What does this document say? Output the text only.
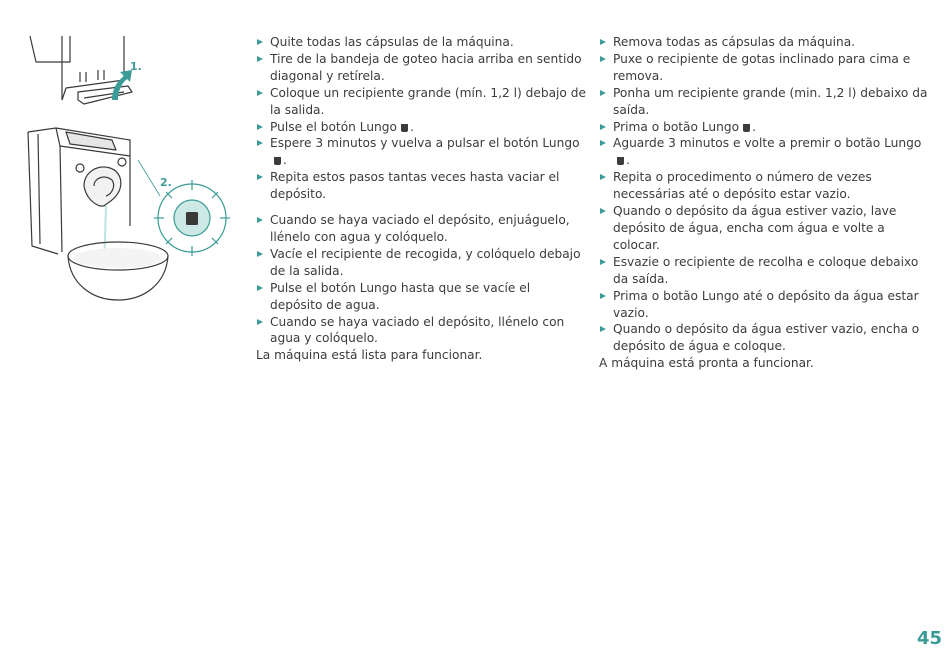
1.
2.
Quite todas las cápsulas de la máquina.
Tire de la bandeja de goteo hacia arriba en sentido diagonal y retírela.
Coloque un recipiente grande (mín. 1,2 l) debajo de la salida.
Pulse el botón Lungo .
Espere 3 minutos y vuelva a pulsar el botón Lungo.
Repita estos pasos tantas veces hasta vaciar el depósito.
Cuando se haya vaciado el depósito, enjuáguelo, llénelo con agua y colóquelo.
Vacíe el recipiente de recogida, y colóquelo debajo de la salida.
Pulse el botón Lungo hasta que se vacíe el depósito de agua.
Cuando se haya vaciado el depósito, llénelo con agua y colóquelo.
La máquina está lista para funcionar.
Remova todas as cápsulas da máquina.
Puxe o recipiente de gotas inclinado para cima e remova.
Ponha um recipiente grande (min. 1,2 l) debaixo da saída.
Prima o botão Lungo .
Aguarde 3 minutos e volte a premir o botão Lungo.
Repita o procedimento o número de vezes necessárias até o depósito estar vazio.
Quando o depósito da água estiver vazio, lave depósito de água, encha com água e volte a colocar.
Esvazie o recipiente de recolha e coloque debaixo da saída.
Prima o botão Lungo até o depósito da água estar vazio.
Quando o depósito da água estiver vazio, encha o depósito de água e coloque.
A máquina está pronta a funcionar.
45
